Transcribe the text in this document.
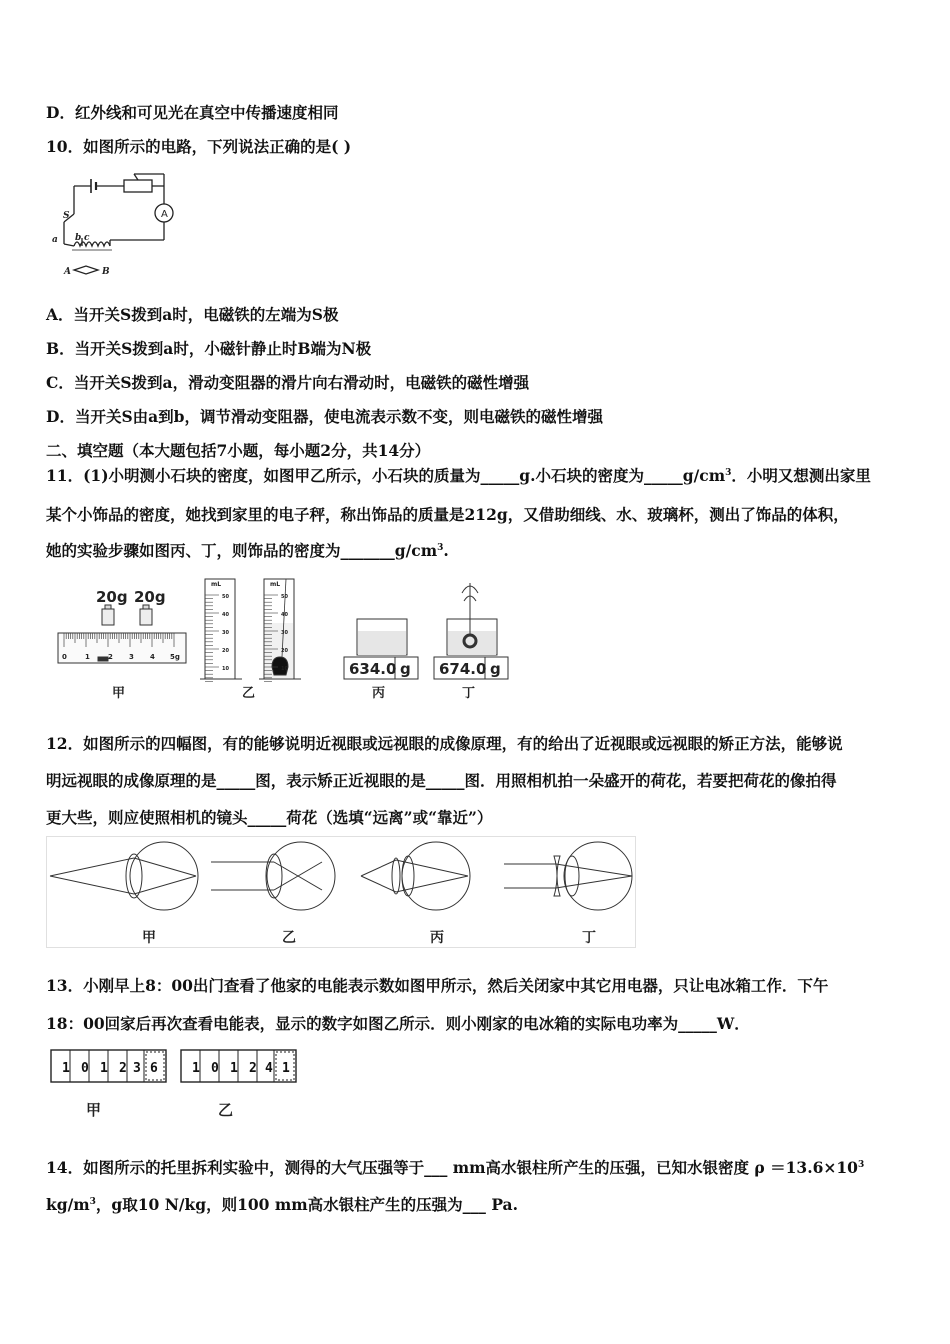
D．红外线和可见光在真空中传播速度相同
10．如图所示的电路，下列说法正确的是( )
A
S
a b c
A	B
A．当开关S拨到a时，电磁铁的左端为S极
B．当开关S拨到a时，小磁针静止时B端为N极
C．当开关S拨到a，滑动变阻器的滑片向右滑动时，电磁铁的磁性增强
D．当开关S由a到b，调节滑动变阻器，使电流表示数不变，则电磁铁的磁性增强
二、填空题（本大题包括7小题，每小题2分，共14分）
11．(1)小明测小石块的密度，如图甲乙所示，小石块的质量为_____g.小石块的密度为$\_\_\_\_\_g/cm^3$．小明又想测出家里
某个小饰品的密度，她找到家里的电子秤，称出饰品的质量是212g，又借助细线、水、玻璃杯，测出了饰品的体积，
她的实验步骤如图丙、丁，则饰品的密度为$\_\_\_\_\_\_\_g/cm^3$.
20g 20g
0	1	2 3 4 5g
mL
50
40
30
20
10
mL
50
40
30
20
10	634.0 g 674.0 g
甲	乙	丙	丁
12．如图所示的四幅图，有的能够说明近视眼或远视眼的成像原理，有的给出了近视眼或远视眼的矫正方法，能够说
明远视眼的成像原理的是_____图，表示矫正近视眼的是_____图．用照相机拍一朵盛开的荷花，若要把荷花的像拍得
更大些，则应使照相机的镜头_____荷花（选填“远离”或“靠近”）
甲	乙	丙	丁
13．小刚早上8：00出门查看了他家的电能表示数如图甲所示，然后关闭家中其它用电器，只让电冰箱工作．下午
18：00回家后再次查看电能表，显示的数字如图乙所示．则小刚家的电冰箱的实际电功率为_____W．
1 0 1 2 3 6	1 0 1 2 4 1
甲	乙
14．如图所示的托里拆利实验中，测得的大气压强等于___ mm高水银柱所产生的压强，已知水银密度 $\rho =13.6\times 10^3$
$kg/m^3$，g取10 N/kg，则100 mm高水银柱产生的压强为___ Pa.
